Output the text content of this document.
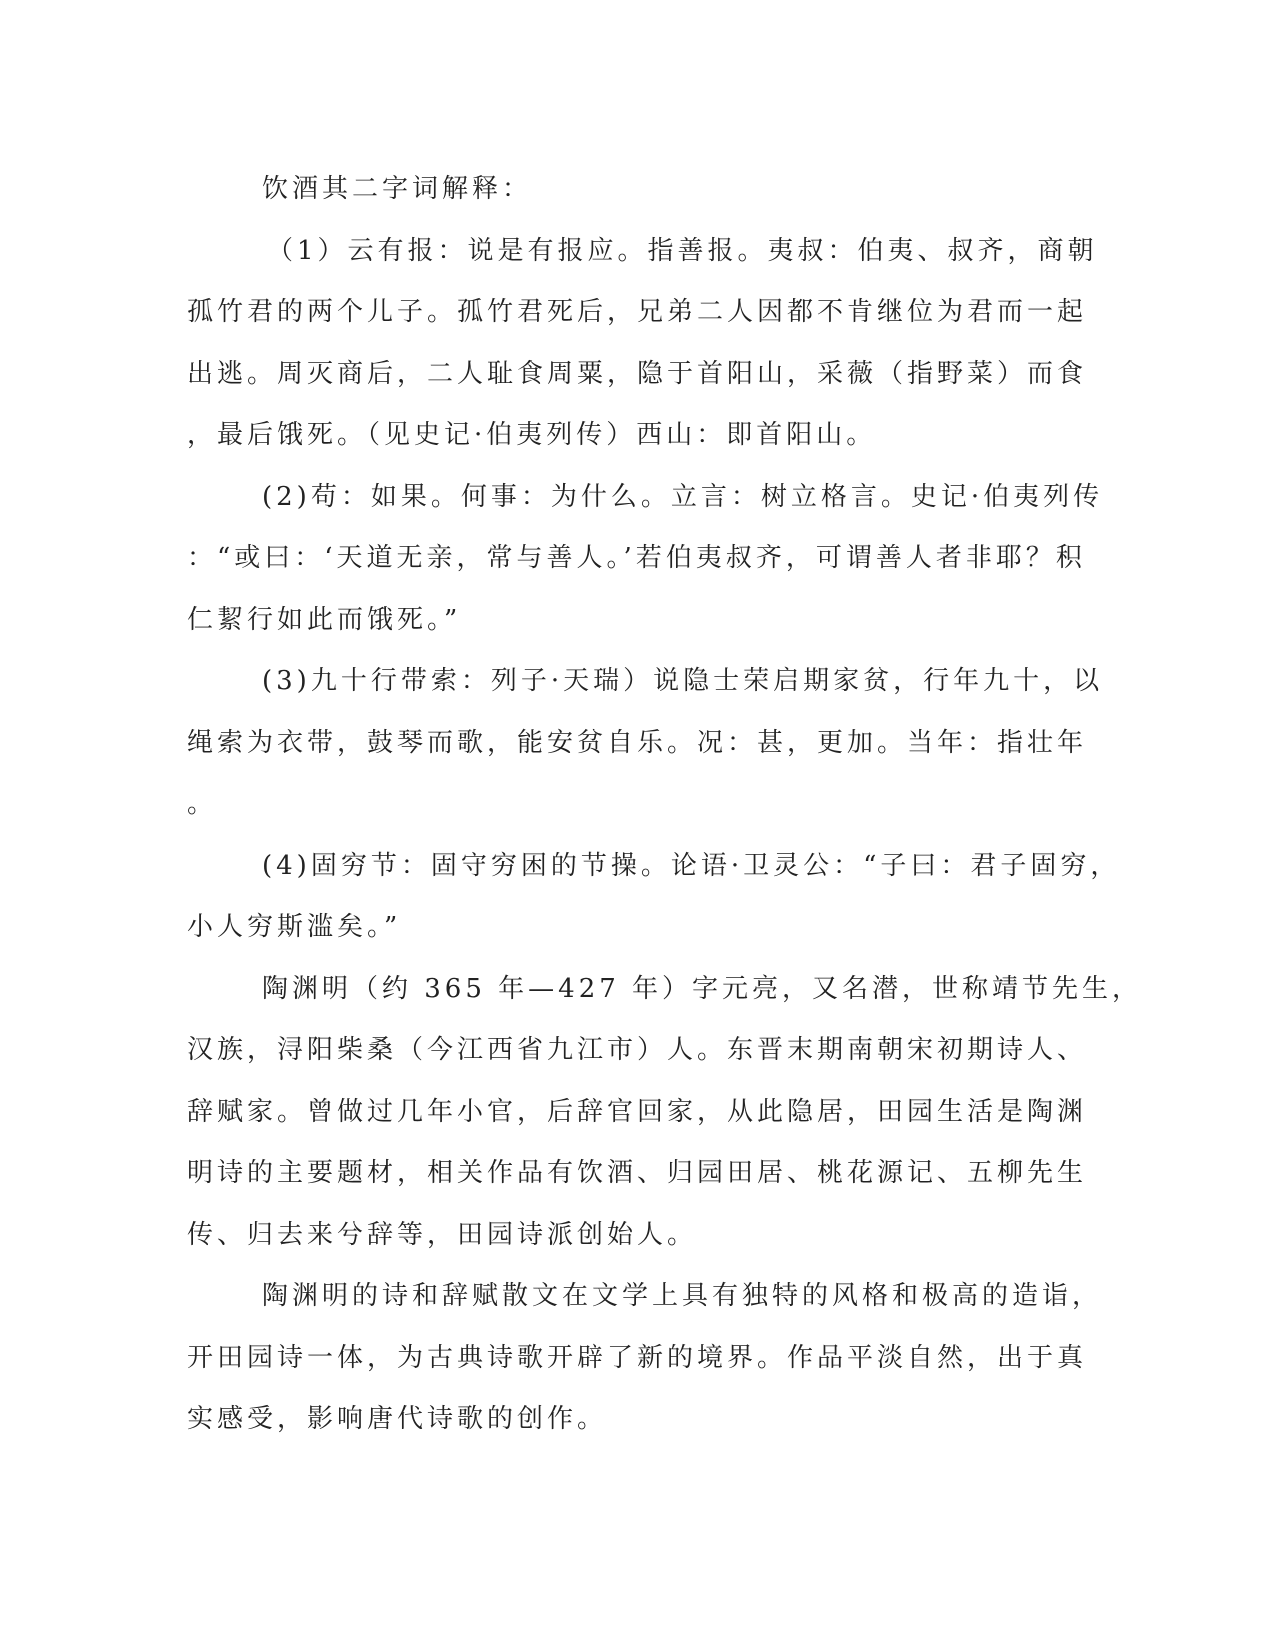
饮酒其二字词解释：
（1）云有报：说是有报应。指善报。夷叔：伯夷、叔齐，商朝
孤竹君的两个儿子。孤竹君死后，兄弟二人因都不肯继位为君而一起
出逃。周灭商后，二人耻食周粟，隐于首阳山，采薇（指野菜）而食
，最后饿死。（见史记·伯夷列传）西山：即首阳山。
(2)苟：如果。何事：为什么。立言：树立格言。史记·伯夷列传
：“或曰：‘天道无亲，常与善人。’若伯夷叔齐，可谓善人者非耶？积
仁絜行如此而饿死。”
(3)九十行带索：列子·天瑞）说隐士荣启期家贫，行年九十，以
绳索为衣带，鼓琴而歌，能安贫自乐。况：甚，更加。当年：指壮年
。
(4)固穷节：固守穷困的节操。论语·卫灵公：“子曰：君子固穷，
小人穷斯滥矣。”
陶渊明（约 365 年—427 年）字元亮，又名潜，世称靖节先生，
汉族，浔阳柴桑（今江西省九江市）人。东晋末期南朝宋初期诗人、
辞赋家。曾做过几年小官，后辞官回家，从此隐居，田园生活是陶渊
明诗的主要题材，相关作品有饮酒、归园田居、桃花源记、五柳先生
传、归去来兮辞等，田园诗派创始人。
陶渊明的诗和辞赋散文在文学上具有独特的风格和极高的造诣，
开田园诗一体，为古典诗歌开辟了新的境界。作品平淡自然，出于真
实感受，影响唐代诗歌的创作。
